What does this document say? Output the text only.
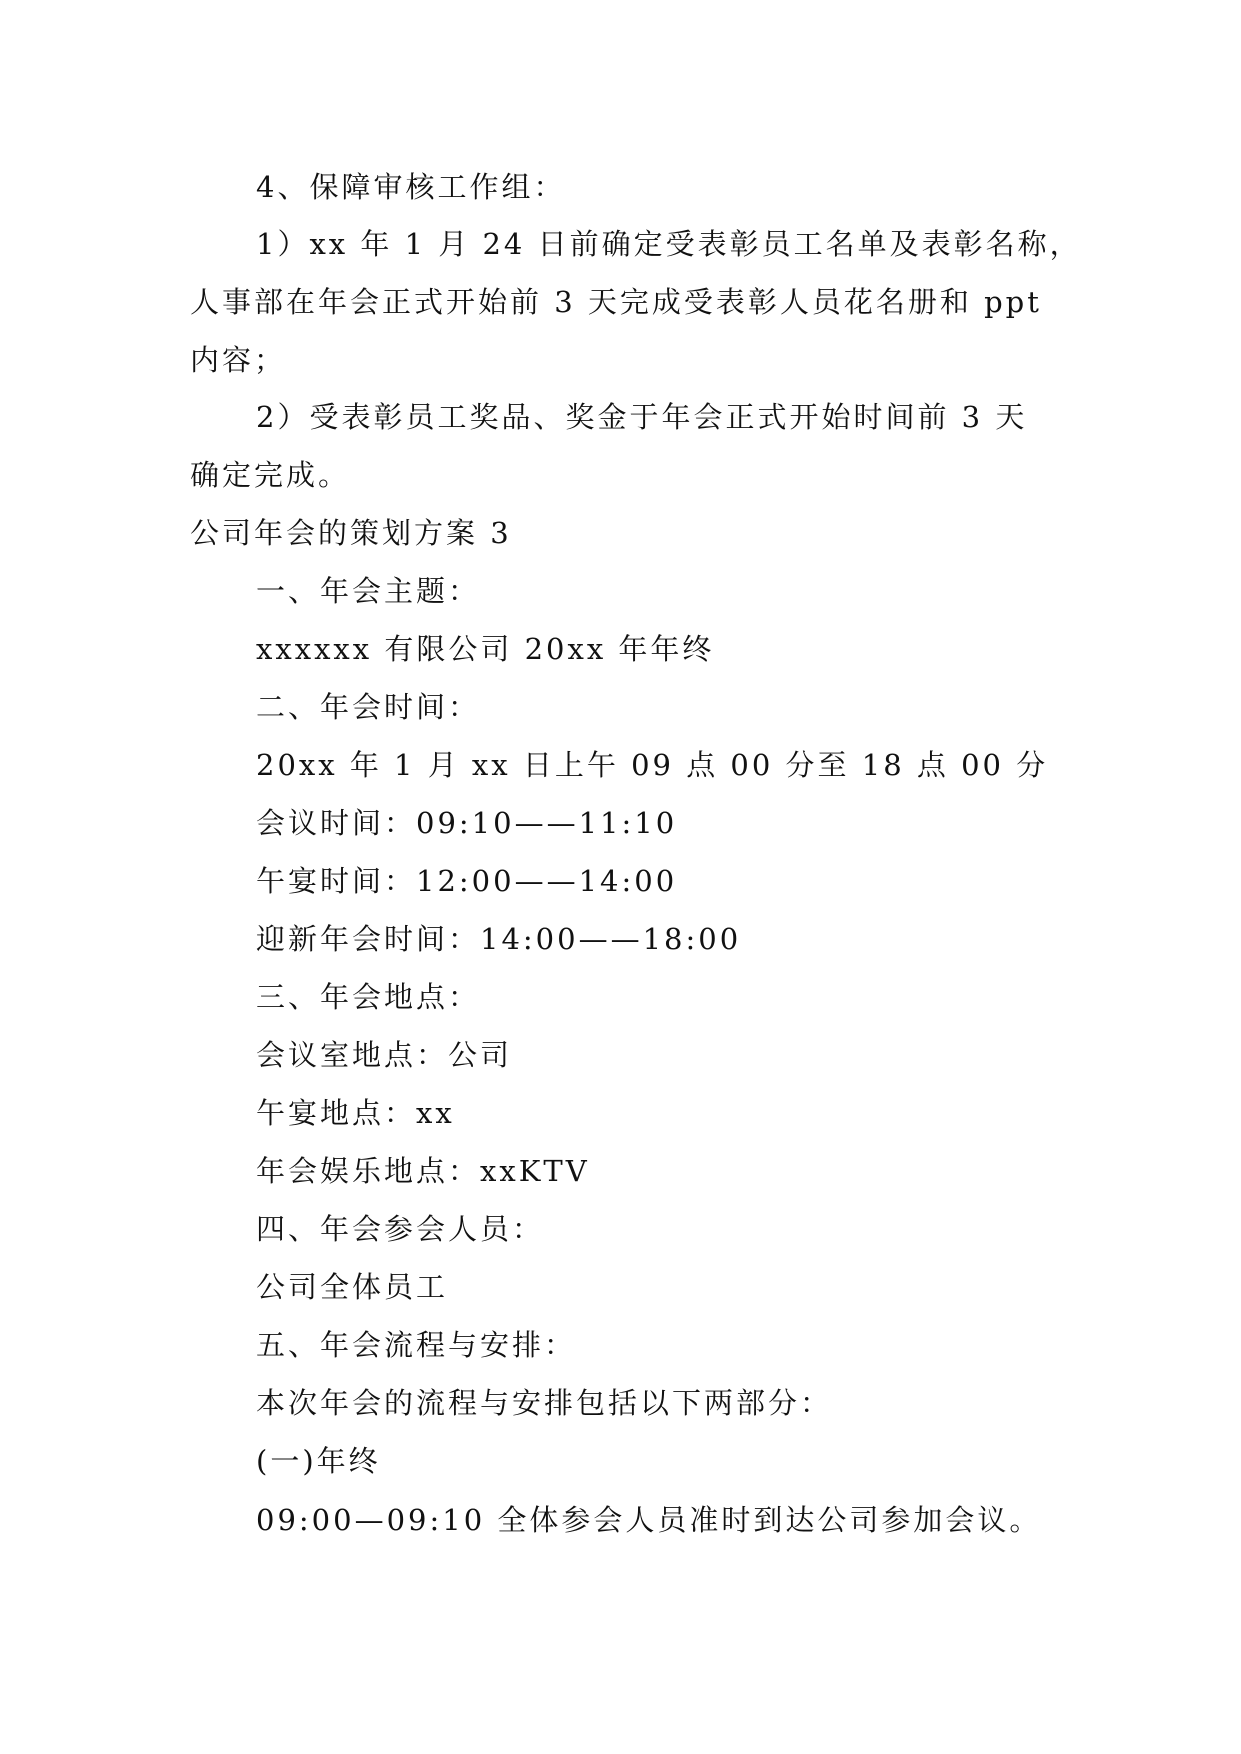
4、保障审核工作组：
1）xx 年 1 月 24 日前确定受表彰员工名单及表彰名称，
人事部在年会正式开始前 3 天完成受表彰人员花名册和 ppt
内容；
2）受表彰员工奖品、奖金于年会正式开始时间前 3 天
确定完成。
公司年会的策划方案 3
一、年会主题：
xxxxxx 有限公司 20xx 年年终
二、年会时间：
20xx 年 1 月 xx 日上午 09 点 00 分至 18 点 00 分
会议时间：09:10——11:10
午宴时间：12:00——14:00
迎新年会时间：14:00——18:00
三、年会地点：
会议室地点：公司
午宴地点：xx
年会娱乐地点：xxKTV
四、年会参会人员：
公司全体员工
五、年会流程与安排：
本次年会的流程与安排包括以下两部分：
(一)年终
09:00—09:10 全体参会人员准时到达公司参加会议。
